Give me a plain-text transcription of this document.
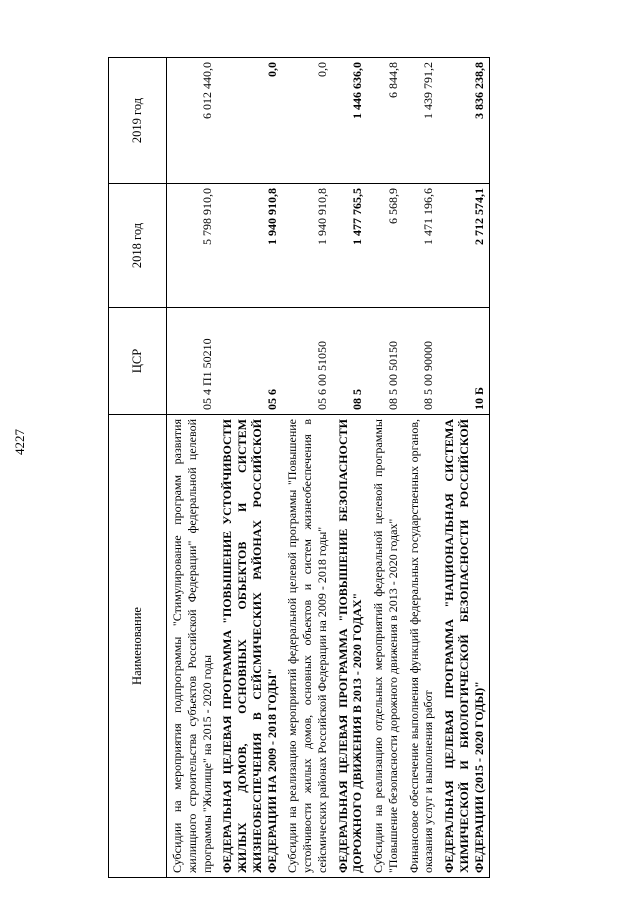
4227
Наименование	ЦСР	2018 год	2019 год
Субсидии на мероприятия подпрограммы "Стимулирование программ развития жилищного строительства субъектов Российской Федерации" федеральной целевой программы "Жилище" на 2015 - 2020 годы	05 4 П1 50210	5 798 910,0	6 012 440,0
ФЕДЕРАЛЬНАЯ ЦЕЛЕВАЯ ПРОГРАММА "ПОВЫШЕНИЕ УСТОЙЧИВОСТИ ЖИЛЫХ ДОМОВ, ОСНОВНЫХ ОБЪЕКТОВ И СИСТЕМ ЖИЗНЕОБЕСПЕЧЕНИЯ В СЕЙСМИЧЕСКИХ РАЙОНАХ РОССИЙСКОЙ ФЕДЕРАЦИИ НА 2009 - 2018 ГОДЫ"	05 6	1 940 910,8	0,0
Субсидии на реализацию мероприятий федеральной целевой программы "Повышение устойчивости жилых домов, основных объектов и систем жизнеобеспечения в сейсмических районах Российской Федерации на 2009 - 2018 годы"	05 6 00 51050	1 940 910,8	0,0
ФЕДЕРАЛЬНАЯ ЦЕЛЕВАЯ ПРОГРАММА "ПОВЫШЕНИЕ БЕЗОПАСНОСТИ ДОРОЖНОГО ДВИЖЕНИЯ В 2013 - 2020 ГОДАХ"	08 5	1 477 765,5	1 446 636,0
Субсидии на реализацию отдельных мероприятий федеральной целевой программы "Повышение безопасности дорожного движения в 2013 - 2020 годах"	08 5 00 50150	6 568,9	6 844,8
Финансовое обеспечение выполнения функций федеральных государственных органов, оказания услуг и выполнения работ	08 5 00 90000	1 471 196,6	1 439 791,2
ФЕДЕРАЛЬНАЯ ЦЕЛЕВАЯ ПРОГРАММА "НАЦИОНАЛЬНАЯ СИСТЕМА ХИМИЧЕСКОЙ И БИОЛОГИЧЕСКОЙ БЕЗОПАСНОСТИ РОССИЙСКОЙ ФЕДЕРАЦИИ (2015 - 2020 ГОДЫ)"	10 Б	2 712 574,1	3 836 238,8
